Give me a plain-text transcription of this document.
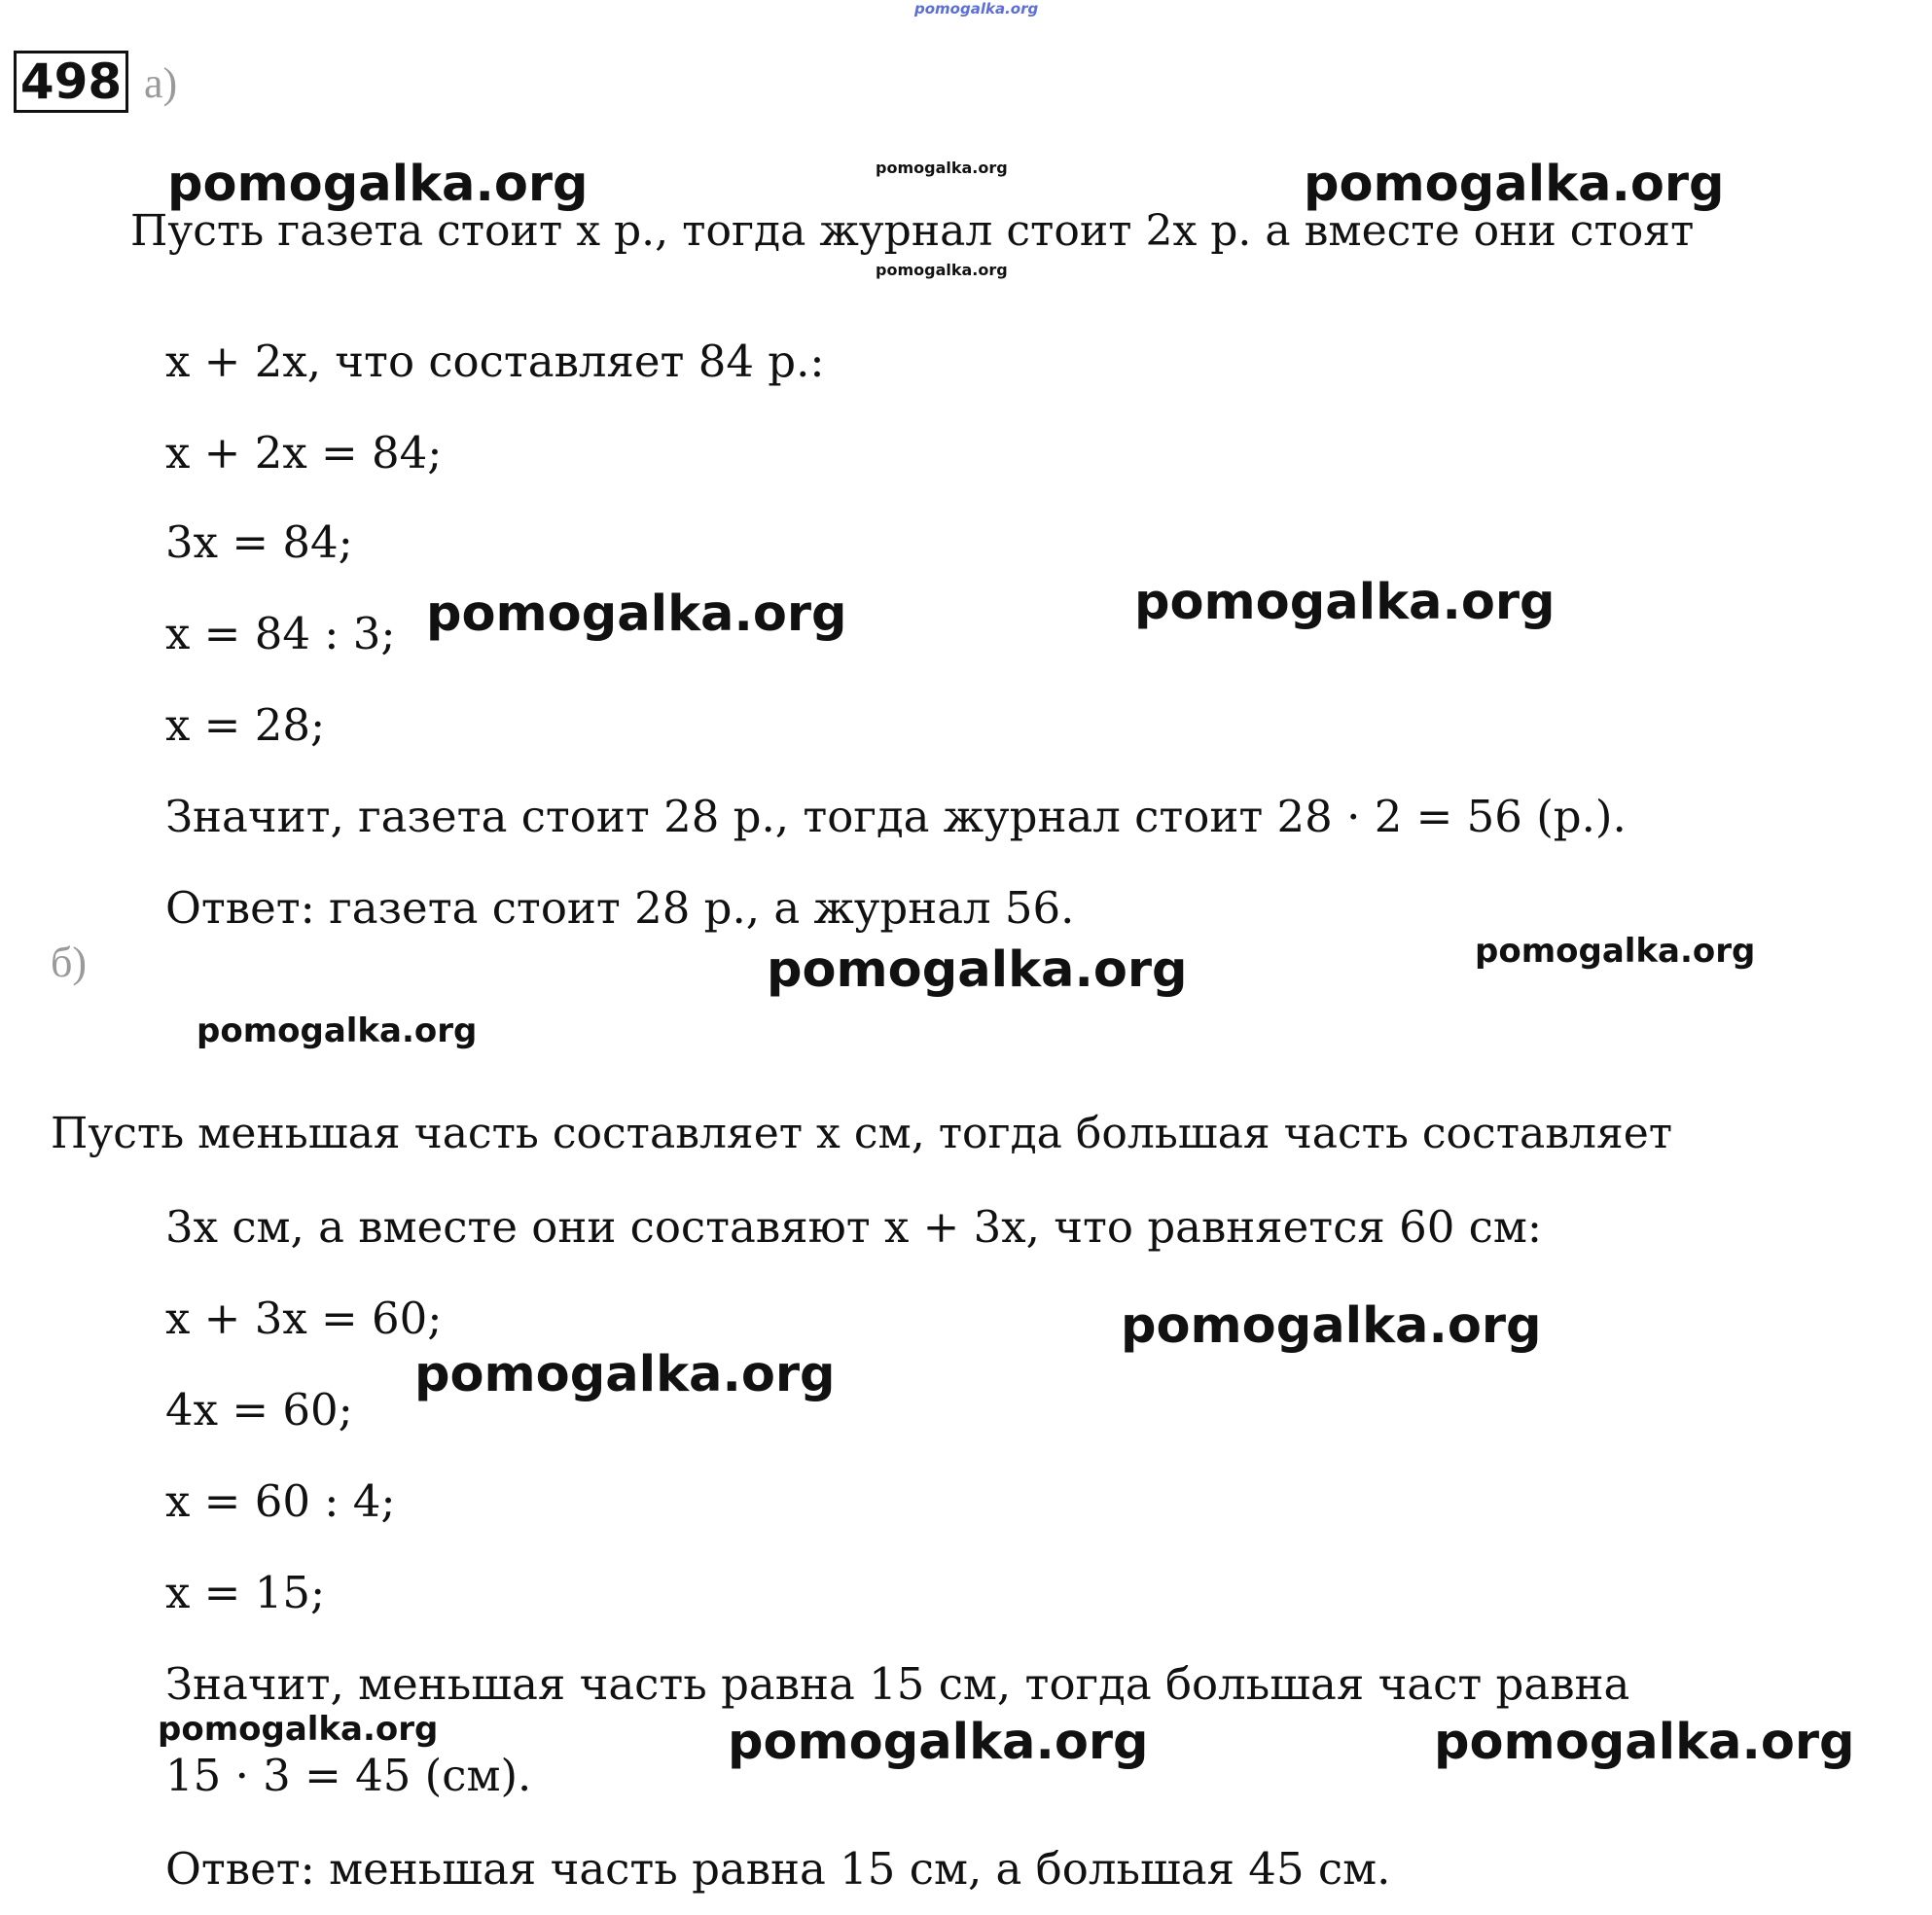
498 а)
Пусть газета стоит x р., тогда журнал стоит 2x р. а вместе они стоят
x + 2x, что составляет 84 р.:
x + 2x = 84;
3x = 84;
x = 84 : 3;
x = 28;
Значит, газета стоит 28 р., тогда журнал стоит 28 · 2 = 56 (р.).
Ответ: газета стоит 28 р., а журнал 56.
б)
Пусть меньшая часть составляет x см, тогда большая часть составляет
3x см, а вместе они составяют x + 3x, что равняется 60 см:
x + 3x = 60;
4x = 60;
x = 60 : 4;
x = 15;
Значит, меньшая часть равна 15 см, тогда большая част равна
15 · 3 = 45 (см).
Ответ: меньшая часть равна 15 см, а большая 45 см.
pomogalka.org
pomogalka.org	pomogalka.org	pomogalka.org
pomogalka.org
pomogalka.org	pomogalka.org
pomogalka.org	pomogalka.org
pomogalka.org
pomogalka.org
pomogalka.org
pomogalka.org	pomogalka.org	pomogalka.org
